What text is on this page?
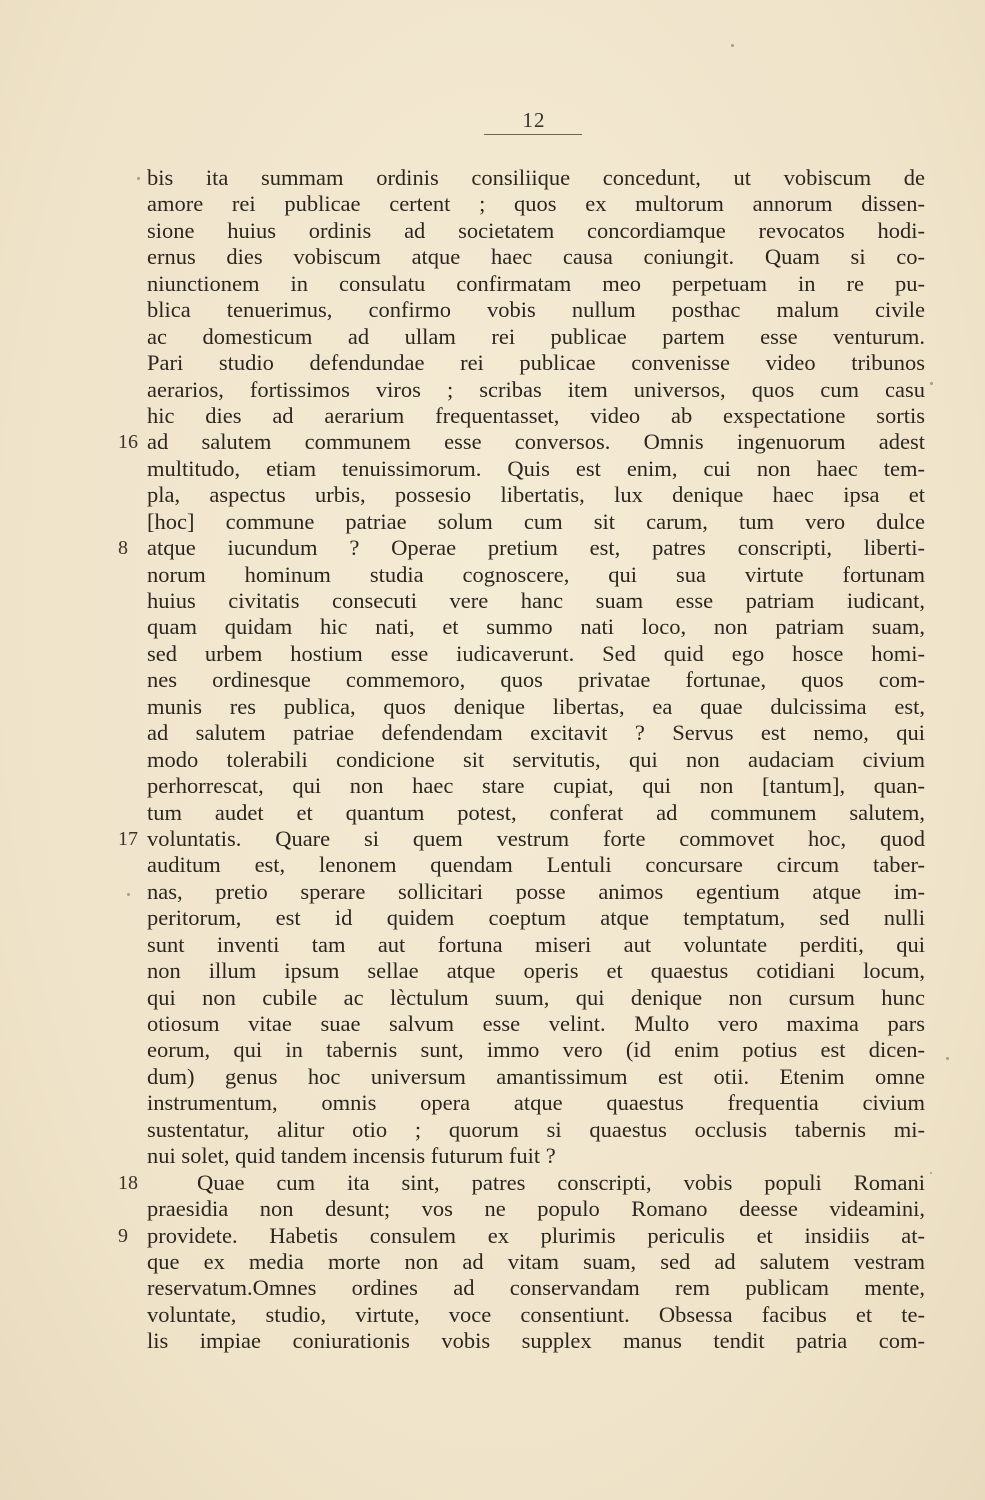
12
bis ita summam ordinis consiliique concedunt, ut vobiscum de
amore rei publicae certent ; quos ex multorum annorum dissen-
sione huius ordinis ad societatem concordiamque revocatos hodi-
ernus dies vobiscum atque haec causa coniungit. Quam si co-
niunctionem in consulatu confirmatam meo perpetuam in re pu-
blica tenuerimus, confirmo vobis nullum posthac malum civile
ac domesticum ad ullam rei publicae partem esse venturum.
Pari studio defendundae rei publicae convenisse video tribunos
aerarios, fortissimos viros ; scribas item universos, quos cum casu
hic dies ad aerarium frequentasset, video ab exspectatione sortis
16 ad salutem communem esse conversos. Omnis ingenuorum adest
multitudo, etiam tenuissimorum. Quis est enim, cui non haec tem-
pla, aspectus urbis, possesio libertatis, lux denique haec ipsa et
[hoc] commune patriae solum cum sit carum, tum vero dulce
8 atque iucundum ? Operae pretium est, patres conscripti, liberti-
norum hominum studia cognoscere, qui sua virtute fortunam
huius civitatis consecuti vere hanc suam esse patriam iudicant,
quam quidam hic nati, et summo nati loco, non patriam suam,
sed urbem hostium esse iudicaverunt. Sed quid ego hosce homi-
nes ordinesque commemoro, quos privatae fortunae, quos com-
munis res publica, quos denique libertas, ea quae dulcissima est,
ad salutem patriae defendendam excitavit ? Servus est nemo, qui
modo tolerabili condicione sit servitutis, qui non audaciam civium
perhorrescat, qui non haec stare cupiat, qui non [tantum], quan-
tum audet et quantum potest, conferat ad communem salutem,
17 voluntatis. Quare si quem vestrum forte commovet hoc, quod
auditum est, lenonem quendam Lentuli concursare circum taber-
nas, pretio sperare sollicitari posse animos egentium atque im-
peritorum, est id quidem coeptum atque temptatum, sed nulli
sunt inventi tam aut fortuna miseri aut voluntate perditi, qui
non illum ipsum sellae atque operis et quaestus cotidiani locum,
qui non cubile ac lèctulum suum, qui denique non cursum hunc
otiosum vitae suae salvum esse velint. Multo vero maxima pars
eorum, qui in tabernis sunt, immo vero (id enim potius est dicen-
dum) genus hoc universum amantissimum est otii. Etenim omne
instrumentum, omnis opera atque quaestus frequentia civium
sustentatur, alitur otio ; quorum si quaestus occlusis tabernis mi-
nui solet, quid tandem incensis futurum fuit ?
18	Quae cum ita sint, patres conscripti, vobis populi Romani
praesidia non desunt; vos ne populo Romano deesse videamini,
9 providete. Habetis consulem ex plurimis periculis et insidiis at-
que ex media morte non ad vitam suam, sed ad salutem vestram
reservatum.Omnes ordines ad conservandam rem publicam mente,
voluntate, studio, virtute, voce consentiunt. Obsessa facibus et te-
lis impiae coniurationis vobis supplex manus tendit patria com-
